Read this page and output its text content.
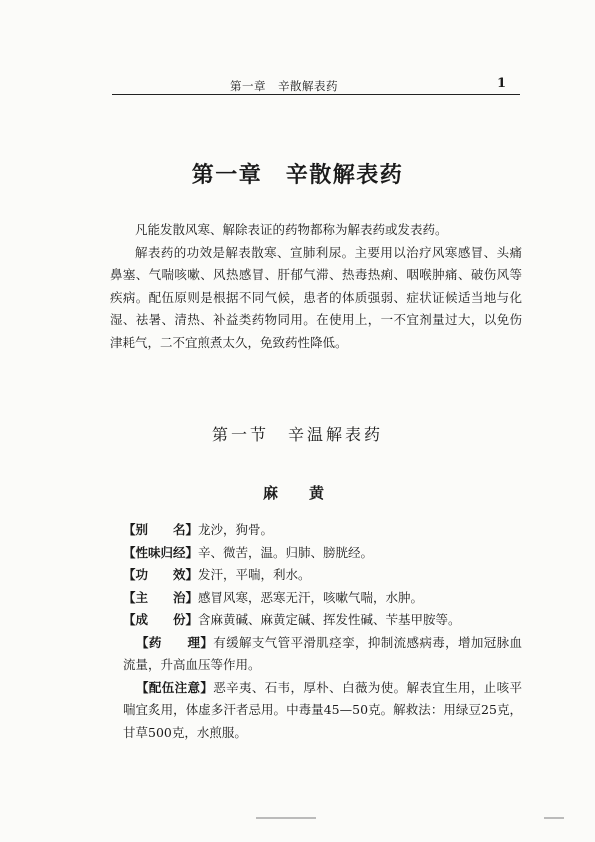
第一章　辛散解表药	1
第一章　辛散解表药

凡能发散风寒、解除表证的药物都称为解表药或发表药。

解表药的功效是解表散寒、宣肺利尿。主要用以治疗风寒感冒、头痛鼻塞、气喘咳嗽、风热感冒、肝郁气滞、热毒热痢、咽喉肿痛、破伤风等疾病。配伍原则是根据不同气候，患者的体质强弱、症状证候适当地与化湿、祛暑、清热、补益类药物同用。在使用上，一不宜剂量过大，以免伤津耗气，二不宜煎煮太久，免致药性降低。

第一节　辛温解表药
麻　黄

【别　　名】龙沙，狗骨。

【性味归经】辛、微苦，温。归肺、膀胱经。

【功　　效】发汗，平喘，利水。

【主　　治】感冒风寒，恶寒无汗，咳嗽气喘，水肿。

【成　　份】含麻黄碱、麻黄定碱、挥发性碱、苄基甲胺等。

【药　　理】有缓解支气管平滑肌痉挛，抑制流感病毒，增加冠脉血流量，升高血压等作用。

【配伍注意】恶辛夷、石韦，厚朴、白薇为使。解表宜生用，止咳平喘宜炙用，体虚多汗者忌用。中毒量45—50克。解救法：用绿豆25克，甘草500克，水煎服。
